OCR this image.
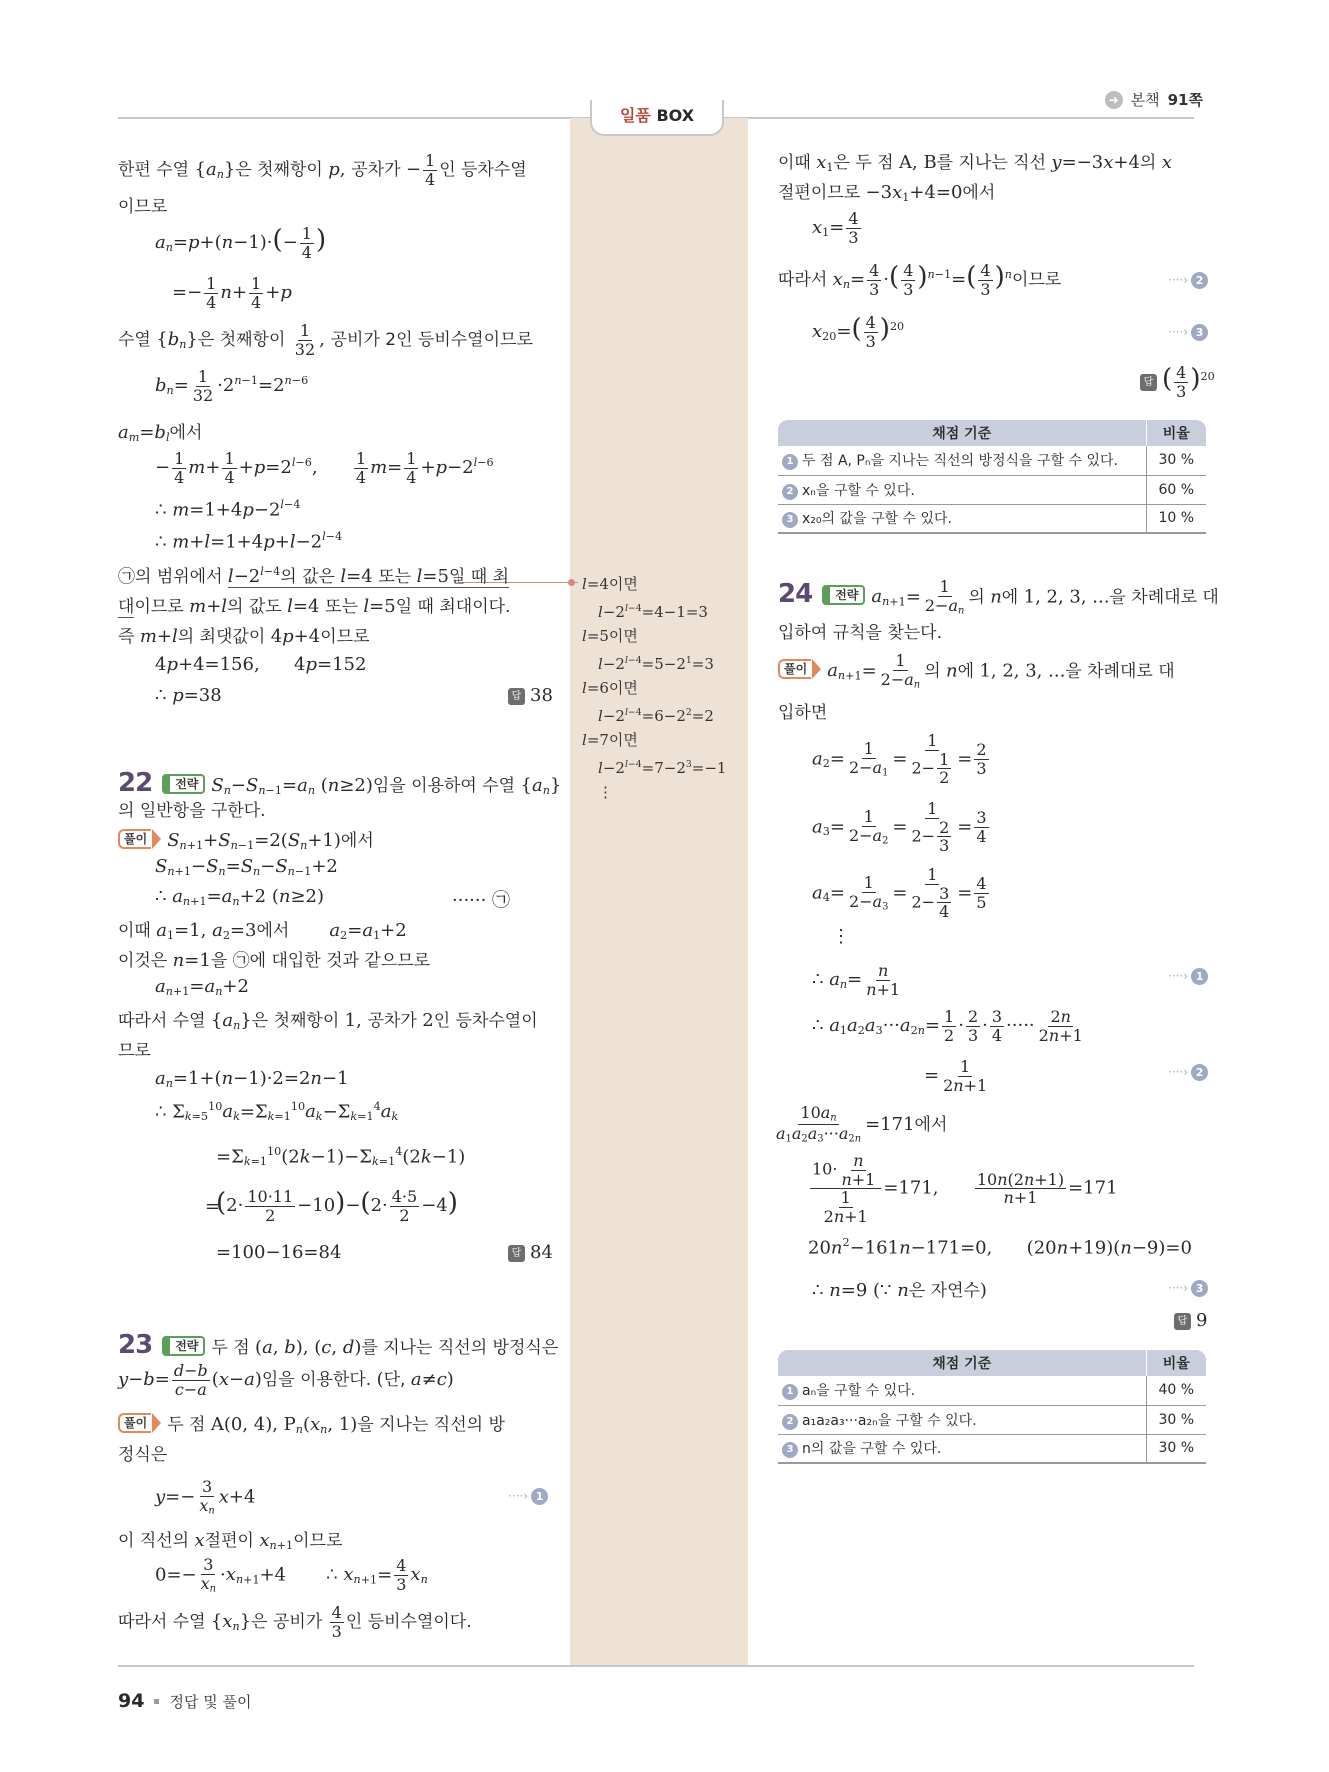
➜ 본책 91쪽
일품 BOX
l=4이면
$l-2^{l-4}=4-1=3$
l=5이면
$l-2^{l-4}=5-2^1=3$
l=6이면
$l-2^{l-4}=6-2^2=2$
l=7이면
$l-2^{l-4}=7-2^3=-1$
⋮
한편 수열 $\{a_n\}$은 첫째항이 p, 공차가 − $\frac{1}{4}$ 인 등차수열
이므로
$a_n=p+(n-1)\cdot(- \frac{1}{4}$ )
=− $\frac{1}{4} n+ \frac{1}{4} +p$
수열 $\{b_n\}$은 첫째항이 $\frac{1}{32}$ , 공비가 2인 등비수열이므로
$b_n= \frac{1}{32} \cdot 2^{n-1}=2^{n-6}$
$a_m=b_l$에서
− $\frac{1}{4} m+ \frac{1}{4} +p=2^{l-6}$, $\frac{1}{4} m= \frac{1}{4} +p-2^{l-6}$
∴ $m=1+4p-2^{l-4}$
∴ $m+l=1+4p+l-2^{l-4}$
㉠의 범위에서 $l-2^{l-4}$의 값은 l=4 또는 l=5일 때 최
대이므로 m+l의 값도 l=4 또는 l=5일 때 최대이다.
즉 m+l의 최댓값이 4p+4이므로
4p+4=156,      4p=152
∴ p=38	답 38
22 전략 $S_n-S_{n-1}=a_n$ (n≥2)임을 이용하여 수열 $\{a_n\}$
의 일반항을 구한다.
풀이 $S_{n+1}+S_{n-1}=2(S_n+1)$에서
$S_{n+1}-S_n=S_n-S_{n-1}+2$
∴ $a_{n+1}=a_n+2$ (n≥2)	······ ㉠
이때 $a_1=1$, $a_2=3$에서 $a_2=a_1+2$
이것은 n=1을 ㉠에 대입한 것과 같으므로
$a_{n+1}=a_n+2$
따라서 수열 $\{a_n\}$은 첫째항이 1, 공차가 2인 등차수열이
므로
$a_n=1+(n-1)\cdot 2=2n-1$
∴ $\Sigma_{k=5}^{10}a_k=\Sigma_{k=1}^{10}a_k-\Sigma_{k=1}^4a_k$
$=\Sigma_{k=1}^{10}(2k-1)-\Sigma_{k=1}^4(2k-1)$
$(2\cdot \frac{10\cdot 11}{2} -10)-(2\cdot \frac{4\cdot 5}{2} -4)$
=
=100−16=84	답 84
23 전략 두 점 (a, b), (c, d)를 지나는 직선의 방정식은
$y-b= \frac{d-b}{c-a} (x-a)$임을 이용한다. (단, a≠c)
풀이 두 점 A(0, 4), $P_n(x_n$, 1)을 지나는 직선의 방
정식은
$y=- \frac{3}{x_n} x+4$	····› 1
이 직선의 x절편이 $x_{n+1}$이므로
$0=- \frac{3}{x_n} \cdot x_{n+1}+4$       ∴ $x_{n+1}= \frac{4}{3} x_n$
따라서 수열 $\{x_n\}$은 공비가 $\frac{4}{3}$ 인 등비수열이다.
이때 $x_1$은 두 점 A, B를 지나는 직선 y=−3x+4의 x
절편이므로 $-3x_1+4=0$에서
$x_1= \frac{4}{3}$
따라서 $x_n= \frac{4}{3}$ ·( $\frac{4}{3} )^{n-1}=( \frac{4}{3} )^n$이므로	····› 2
$x_{20}=( \frac{4}{3} )^{20}$	····› 3
답 ( $\frac{4}{3} )^{20}$
채점 기준	비율
1 두 점 A, Pₙ을 지나는 직선의 방정식을 구할 수 있다.	30 %
2 xₙ을 구할 수 있다.	60 %
3 x₂₀의 값을 구할 수 있다.	10 %
24 전략 $a_{n+1}= \frac{1}{2-a_n}$ 의 n에 1, 2, 3, ...을 차례대로 대
입하여 규칙을 찾는다.
풀이 $a_{n+1}= \frac{1}{2-a_n}$ 의 n에 1, 2, 3, ...을 차례대로 대
입하면
$a_2= \frac{1}{2-a_1} = \frac{1}{2- \frac{1}{2}} = \frac{2}{3}$
$a_3= \frac{1}{2-a_2} = \frac{1}{2- \frac{2}{3}} = \frac{3}{4}$
$a_4= \frac{1}{2-a_3} = \frac{1}{2- \frac{3}{4}} = \frac{4}{5}$
⋮
∴ $a_n= \frac{n}{n+1}$	····› 1
∴ $a_1a_2a_3\cdot\cdot\cdot a_{2n}= \frac{1}{2} \cdot \frac{2}{3} \cdot \frac{3}{4}$ ····· $\frac{2n}{2n+1}$
= $\frac{1}{2n+1}$	····› 2
$\frac{10a_n}{a_1a_2a_3\cdot\cdot\cdot a_{2n}} =171$에서
$\frac{10\cdot \frac{n}{n+1}}{\frac{1}{2n+1}} =171$, $\frac{10n(2n+1)}{n+1} =171$
$20n^2-161n-171=0$,      (20n+19)(n−9)=0
∴ n=9 (∵ n은 자연수)	····› 3
답 9
채점 기준	비율
1 aₙ을 구할 수 있다.	40 %
2 a₁a₂a₃···a₂ₙ을 구할 수 있다.	30 %
3 n의 값을 구할 수 있다.	30 %
94 정답 및 풀이
